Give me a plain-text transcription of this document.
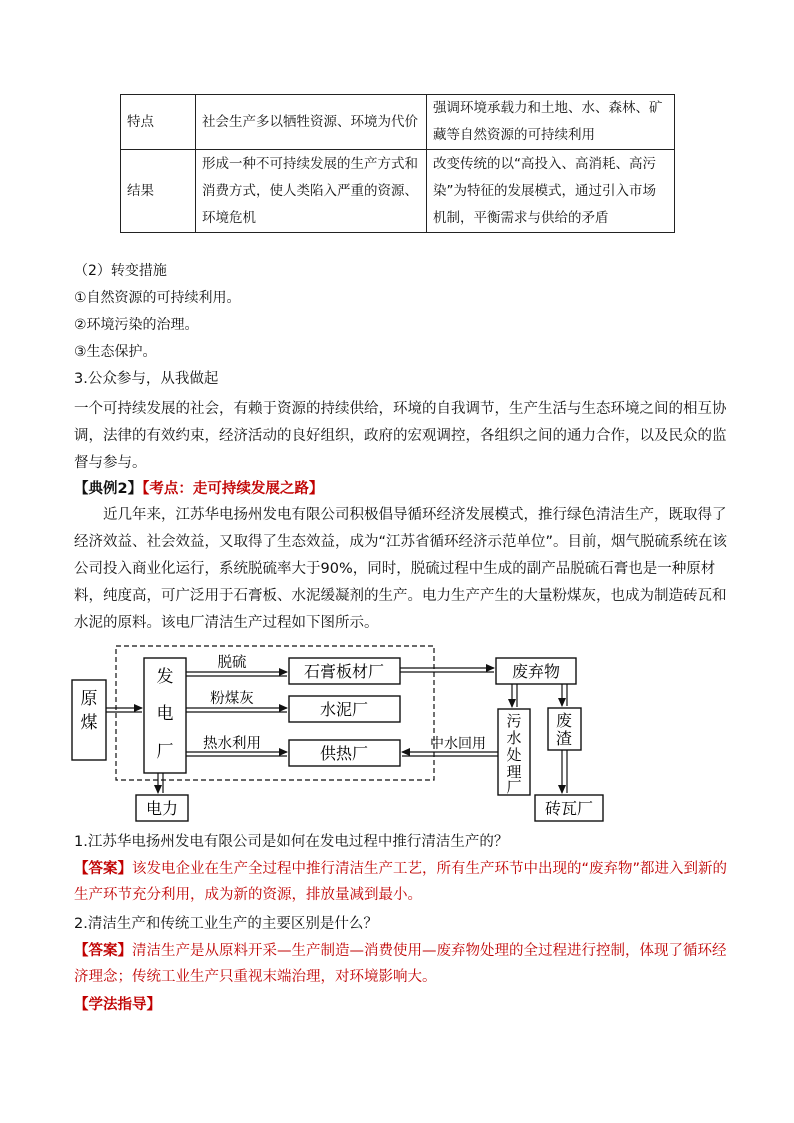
特点	社会生产多以牺牲资源、环境为代价	强调环境承载力和土地、水、森林、矿藏等自然资源的可持续利用
结果	形成一种不可持续发展的生产方式和消费方式，使人类陷入严重的资源、环境危机	改变传统的以“高投入、高消耗、高污染”为特征的发展模式，通过引入市场机制，平衡需求与供给的矛盾
（2）转变措施
①自然资源的可持续利用。
②环境污染的治理。
③生态保护。
3.公众参与，从我做起

一个可持续发展的社会，有赖于资源的持续供给，环境的自我调节，生产生活与生态环境之间的相互协调，法律的有效约束，经济活动的良好组织，政府的宏观调控，各组织之间的通力合作，以及民众的监督与参与。

【典例2】【考点：走可持续发展之路】

近几年来，江苏华电扬州发电有限公司积极倡导循环经济发展模式，推行绿色清洁生产，既取得了经济效益、社会效益，又取得了生态效益，成为“江苏省循环经济示范单位”。目前，烟气脱硫系统在该公司投入商业化运行，系统脱硫率大于90%，同时，脱硫过程中生成的副产品脱硫石膏也是一种原材料，纯度高，可广泛用于石膏板、水泥缓凝剂的生产。电力生产产生的大量粉煤灰，也成为制造砖瓦和水泥的原料。该电厂清洁生产过程如下图所示。

原
煤
发
电
厂
脱硫
粉煤灰
热水利用
石膏板材厂
水泥厂
供热厂
废弃物
污
水
处
理
厂
废
渣
中水回用
砖瓦厂
电力
1.江苏华电扬州发电有限公司是如何在发电过程中推行清洁生产的？

【答案】该发电企业在生产全过程中推行清洁生产工艺，所有生产环节中出现的“废弃物”都进入到新的生产环节充分利用，成为新的资源，排放量减到最小。

2.清洁生产和传统工业生产的主要区别是什么？

【答案】清洁生产是从原料开采—生产制造—消费使用—废弃物处理的全过程进行控制，体现了循环经济理念；传统工业生产只重视末端治理，对环境影响大。

【学法指导】
